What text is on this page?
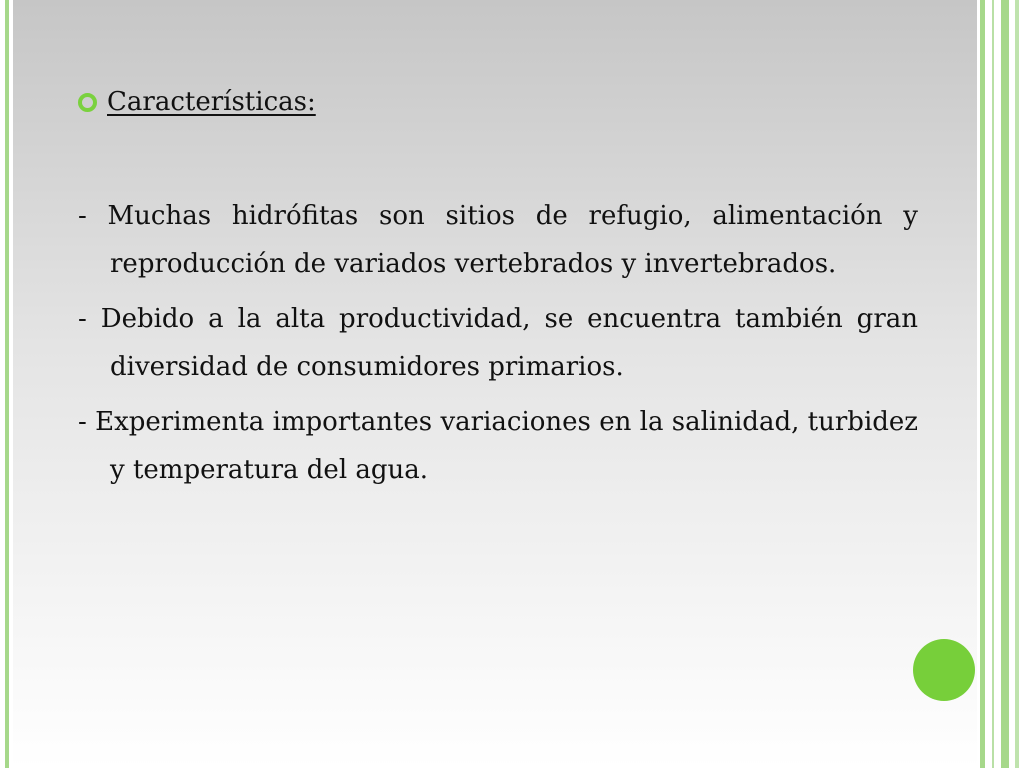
Características:

- Muchas hidrófitas son sitios de refugio, alimentación y reproducción de variados vertebrados y invertebrados.

- Debido a la alta productividad, se encuentra también gran diversidad de consumidores primarios.

- Experimenta importantes variaciones en la salinidad, turbidez y temperatura del agua.
